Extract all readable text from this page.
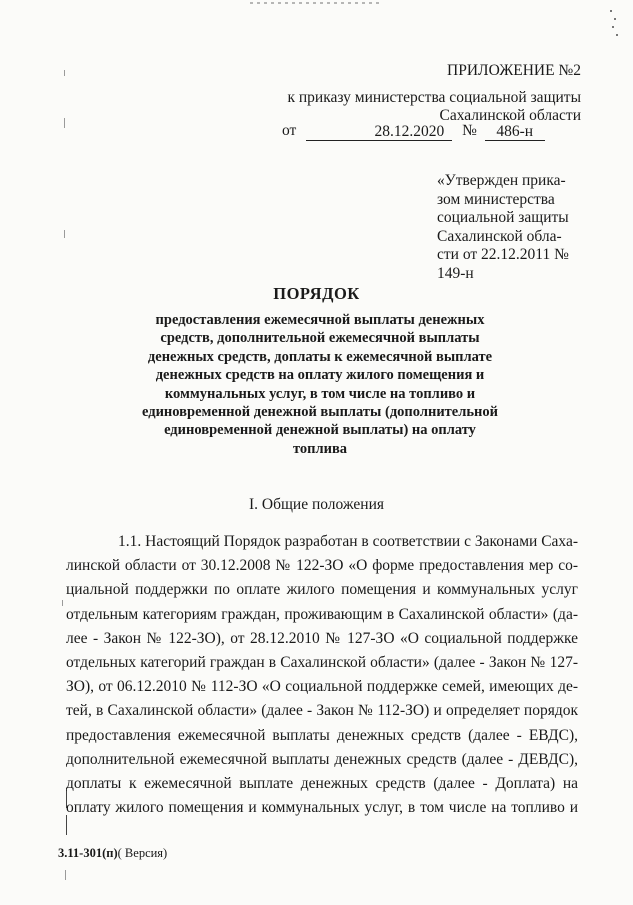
ПРИЛОЖЕНИЕ №2
к приказу министерства социальной защиты
Сахалинской области
от	28.12.2020 № 486-н
«Утвержден прика-
зом министерства
социальной защиты
Сахалинской обла-
сти от 22.12.2011 №
149-н
ПОРЯДОК
предоставления ежемесячной выплаты денежных
средств, дополнительной ежемесячной выплаты
денежных средств, доплаты к ежемесячной выплате
денежных средств на оплату жилого помещения и
коммунальных услуг, в том числе на топливо и
единовременной денежной выплаты (дополнительной
единовременной денежной выплаты) на оплату
топлива
I. Общие положения
1.1. Настоящий Порядок разработан в соответствии с Законами Саха-
линской области от 30.12.2008 № 122-ЗО «О форме предоставления мер со-
циальной поддержки по оплате жилого помещения и коммунальных услуг
отдельным категориям граждан, проживающим в Сахалинской области» (да-
лее - Закон № 122-ЗО), от 28.12.2010 № 127-ЗО «О социальной поддержке
отдельных категорий граждан в Сахалинской области» (далее - Закон № 127-
ЗО), от 06.12.2010 № 112-ЗО «О социальной поддержке семей, имеющих де-
тей, в Сахалинской области» (далее - Закон № 112-ЗО) и определяет порядок
предоставления ежемесячной выплаты денежных средств (далее - ЕВДС),
дополнительной ежемесячной выплаты денежных средств (далее - ДЕВДС),
доплаты к ежемесячной выплате денежных средств (далее - Доплата) на
оплату жилого помещения и коммунальных услуг, в том числе на топливо и
3.11-301(п)( Версия)
